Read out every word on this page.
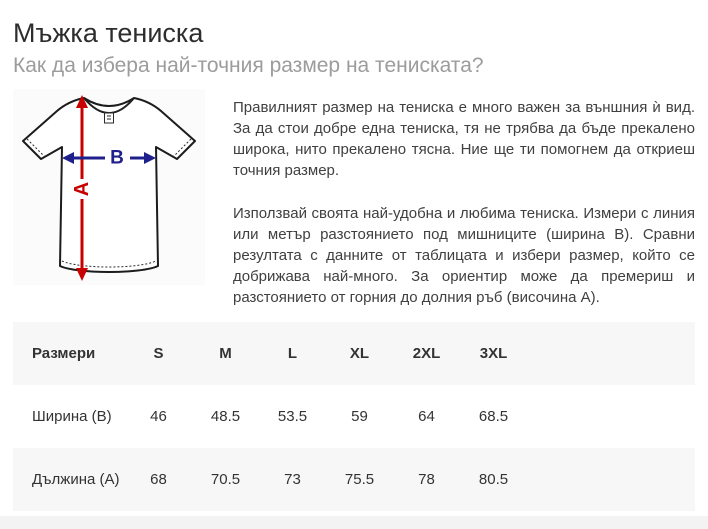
Мъжка тениска
Как да избера най-точния размер на тениската?
A
B

Правилният размер на тениска е много важен за външния ѝ вид. За да стои добре една тениска, тя не трябва да бъде прекалено широка, нито прекалено тясна. Ние ще ти помогнем да откриеш точния размер.

Използвай своята най-удобна и любима тениска. Измери с линия или метър разстоянието под мишниците (ширина B). Сравни резултата с данните от таблицата и избери размер, който се добрижава най-много. За ориентир може да премериш и разстоянието от горния до долния ръб (височина A).

Размери	S	M	L	XL	2XL	3XL	
Ширина (B)	46	48.5	53.5	59	64	68.5	
Дължина (A)	68	70.5	73	75.5	78	80.5	
